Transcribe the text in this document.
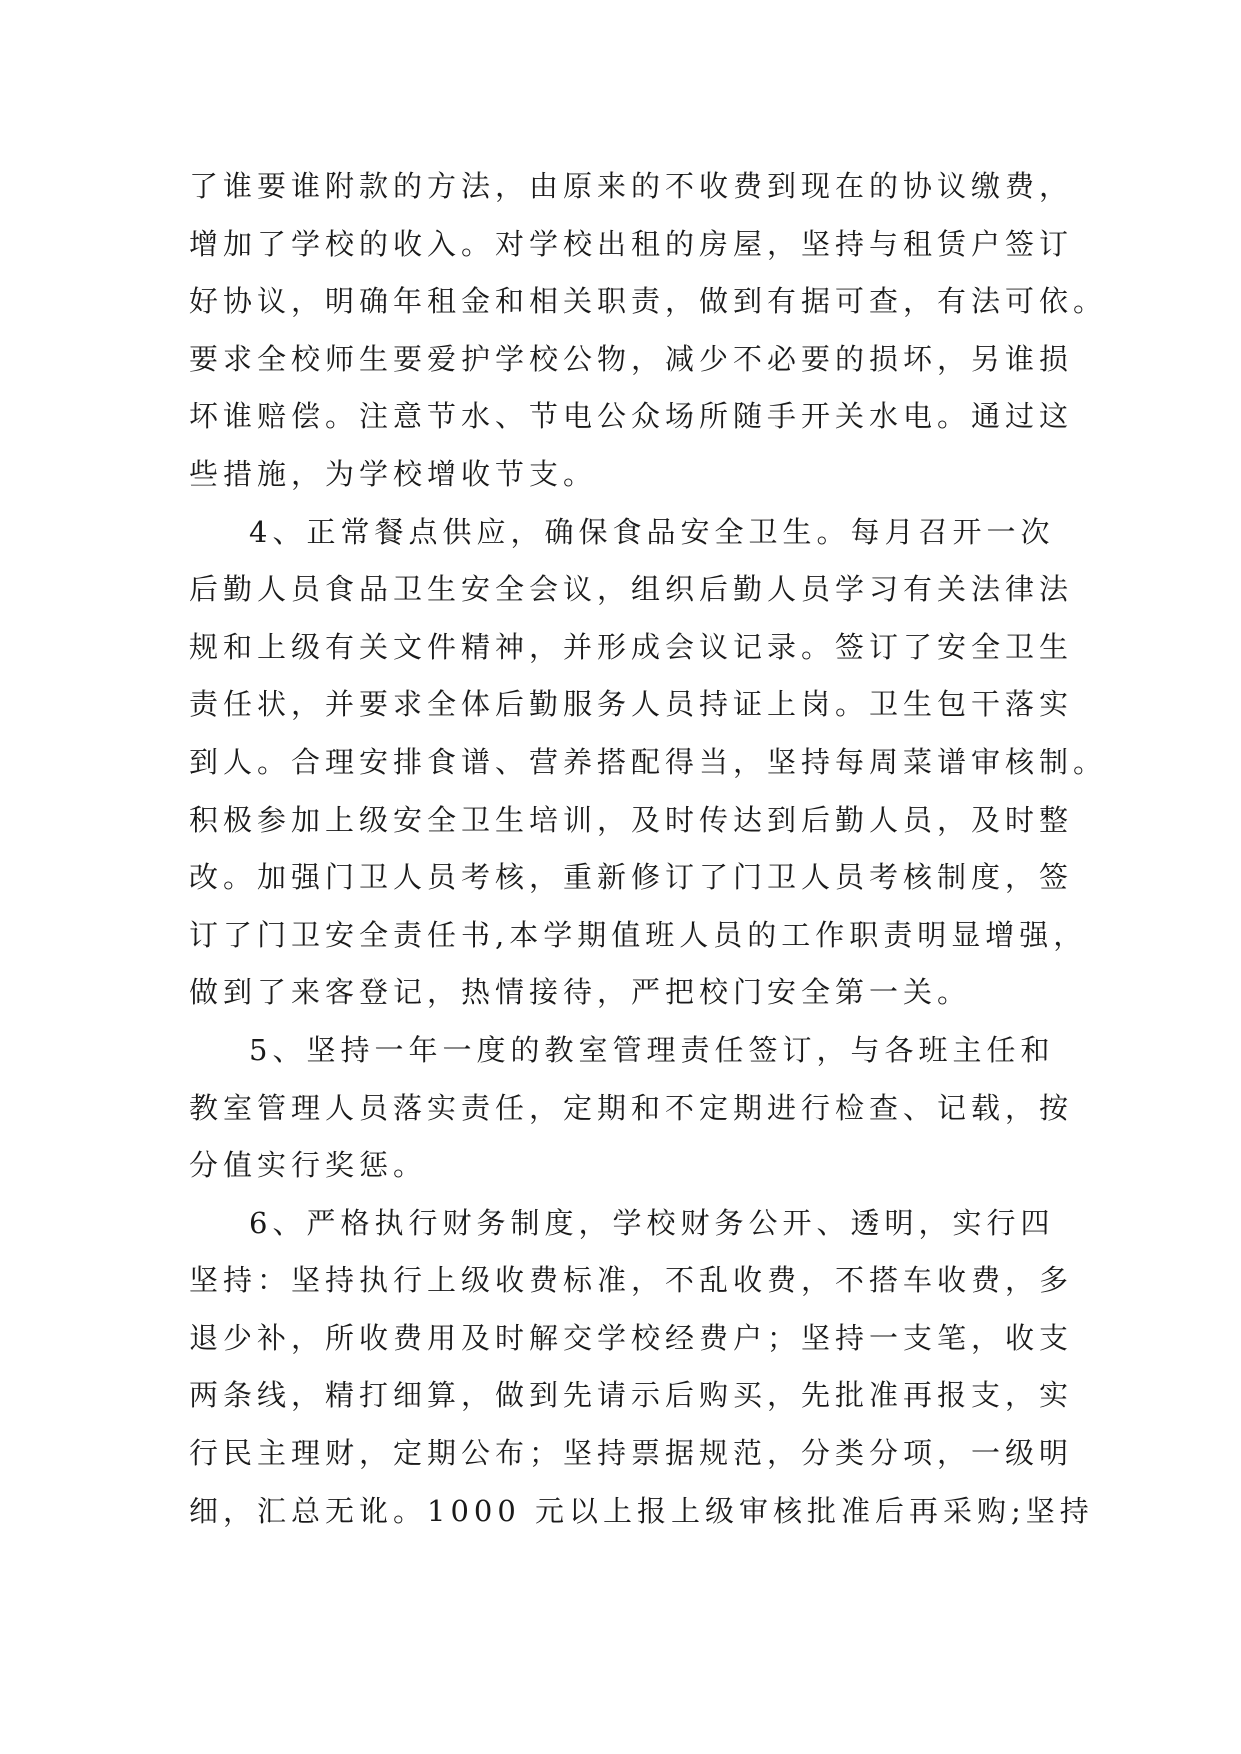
了谁要谁附款的方法，由原来的不收费到现在的协议缴费，
增加了学校的收入。对学校出租的房屋，坚持与租赁户签订
好协议，明确年租金和相关职责，做到有据可查，有法可依。
要求全校师生要爱护学校公物，减少不必要的损坏，另谁损
坏谁赔偿。注意节水、节电公众场所随手开关水电。通过这
些措施，为学校增收节支。
4、正常餐点供应，确保食品安全卫生。每月召开一次
后勤人员食品卫生安全会议，组织后勤人员学习有关法律法
规和上级有关文件精神，并形成会议记录。签订了安全卫生
责任状，并要求全体后勤服务人员持证上岗。卫生包干落实
到人。合理安排食谱、营养搭配得当，坚持每周菜谱审核制。
积极参加上级安全卫生培训，及时传达到后勤人员，及时整
改。加强门卫人员考核，重新修订了门卫人员考核制度，签
订了门卫安全责任书,本学期值班人员的工作职责明显增强，
做到了来客登记，热情接待，严把校门安全第一关。
5、坚持一年一度的教室管理责任签订，与各班主任和
教室管理人员落实责任，定期和不定期进行检查、记载，按
分值实行奖惩。
6、严格执行财务制度，学校财务公开、透明，实行四
坚持：坚持执行上级收费标准，不乱收费，不搭车收费，多
退少补，所收费用及时解交学校经费户；坚持一支笔，收支
两条线，精打细算，做到先请示后购买，先批准再报支，实
行民主理财，定期公布；坚持票据规范，分类分项，一级明
细，汇总无讹。1000 元以上报上级审核批准后再采购;坚持
